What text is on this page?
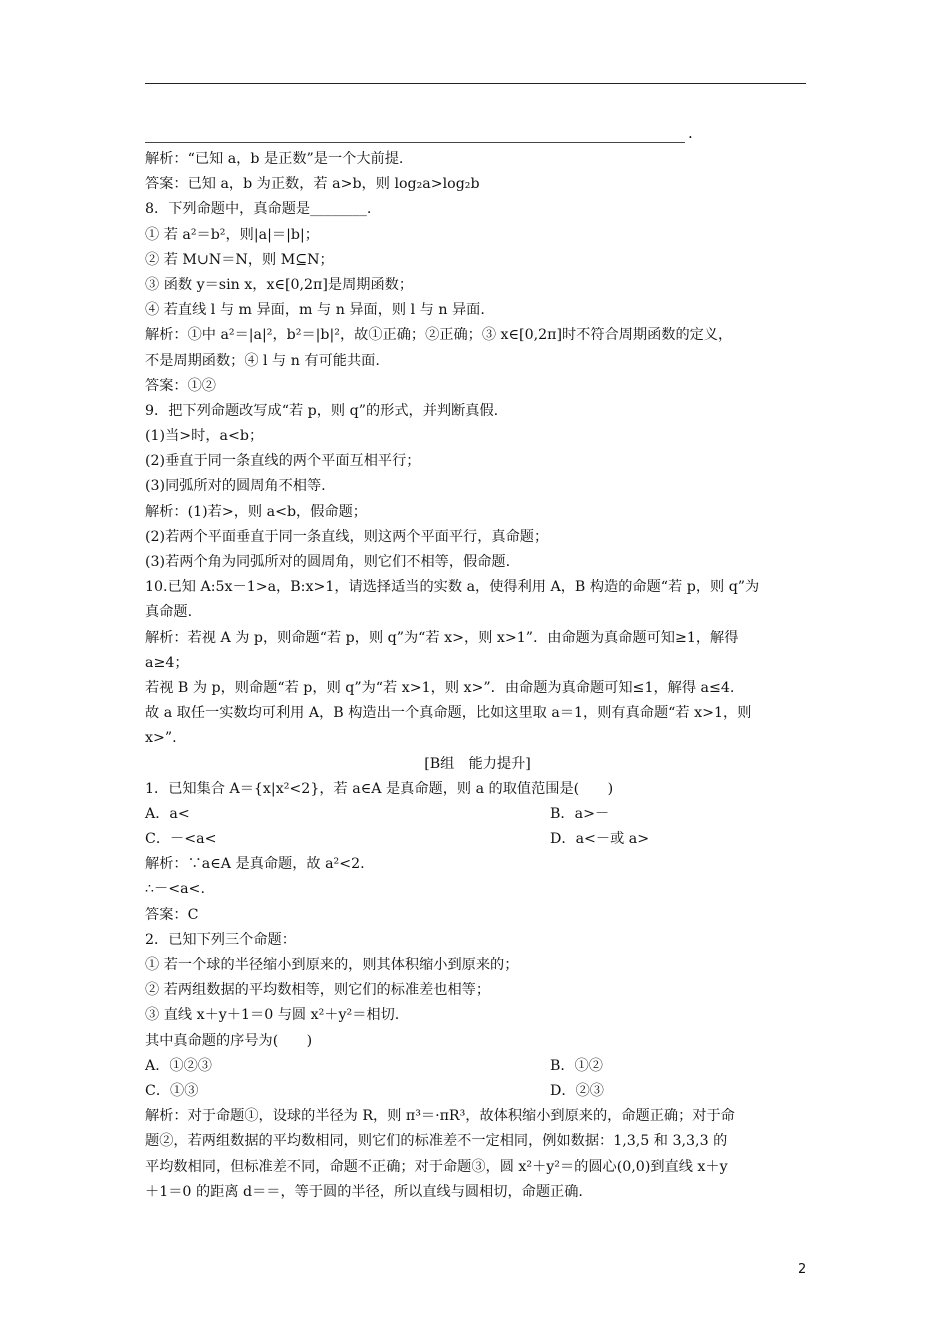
.
解析：“已知 a，b 是正数”是一个大前提.
答案：已知 a，b 为正数，若 a>b，则 log₂a>log₂b
8．下列命题中，真命题是________.
① 若 a²＝b²，则|a|＝|b|；
② 若 M∪N＝N，则 M⊆N；
③ 函数 y＝sin x，x∈[0,2π]是周期函数；
④ 若直线 l 与 m 异面，m 与 n 异面，则 l 与 n 异面.
解析：①中 a²＝|a|²，b²＝|b|²，故①正确；②正确；③ x∈[0,2π]时不符合周期函数的定义，
不是周期函数；④ l 与 n 有可能共面.
答案：①②
9．把下列命题改写成“若 p，则 q”的形式，并判断真假.
(1)当>时，a<b；
(2)垂直于同一条直线的两个平面互相平行；
(3)同弧所对的圆周角不相等.
解析：(1)若>，则 a<b，假命题；
(2)若两个平面垂直于同一条直线，则这两个平面平行，真命题；
(3)若两个角为同弧所对的圆周角，则它们不相等，假命题.
10.已知 A:5x－1>a，B:x>1，请选择适当的实数 a，使得利用 A，B 构造的命题“若 p，则 q”为
真命题.
解析：若视 A 为 p，则命题“若 p，则 q”为“若 x>，则 x>1”．由命题为真命题可知≥1，解得
a≥4；
若视 B 为 p，则命题“若 p，则 q”为“若 x>1，则 x>”．由命题为真命题可知≤1，解得 a≤4.
故 a 取任一实数均可利用 A，B 构造出一个真命题，比如这里取 a＝1，则有真命题“若 x>1，则
x>”.
[B组　能力提升]
1．已知集合 A＝{x|x²<2}，若 a∈A 是真命题，则 a 的取值范围是(　　)
A．a<	B．a>－
C．－<a<	D．a<－或 a>
解析：∵a∈A 是真命题，故 a²<2.
∴－<a<.
答案：C
2．已知下列三个命题：
① 若一个球的半径缩小到原来的，则其体积缩小到原来的；
② 若两组数据的平均数相等，则它们的标准差也相等；
③ 直线 x＋y＋1＝0 与圆 x²＋y²＝相切.
其中真命题的序号为(　　)
A．①②③	B．①②
C．①③	D．②③
解析：对于命题①，设球的半径为 R，则 π³＝·πR³，故体积缩小到原来的，命题正确；对于命
题②，若两组数据的平均数相同，则它们的标准差不一定相同，例如数据：1,3,5 和 3,3,3 的
平均数相同，但标准差不同，命题不正确；对于命题③，圆 x²＋y²＝的圆心(0,0)到直线 x＋y
＋1＝0 的距离 d＝＝，等于圆的半径，所以直线与圆相切，命题正确.
2
